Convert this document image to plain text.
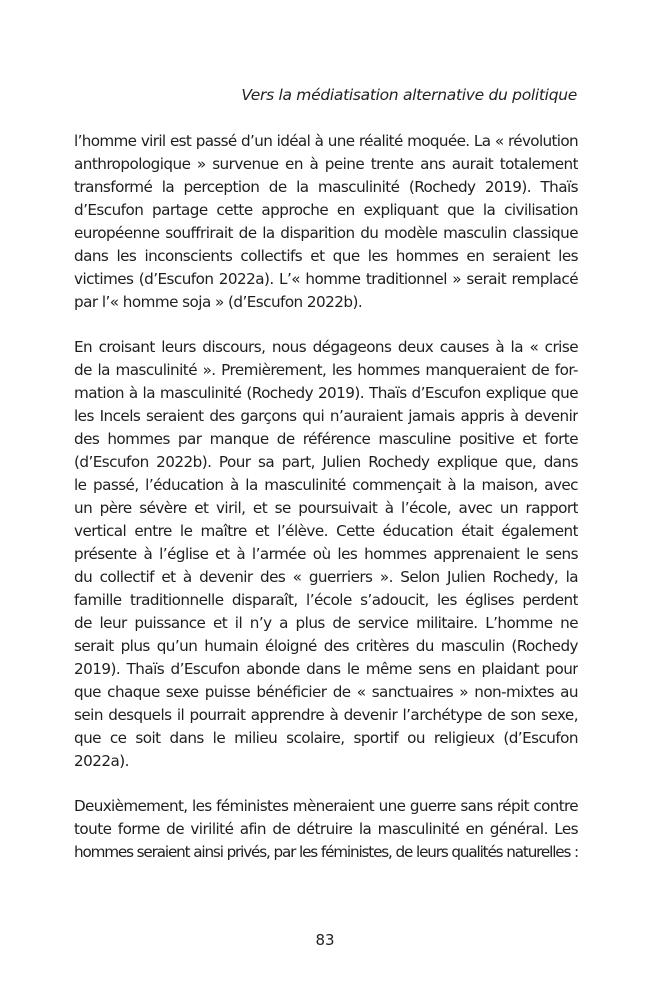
Vers la médiatisation alternative du politique
l’homme viril est passé d’un idéal à une réalité moquée. La « révolution
anthropologique » survenue en à peine trente ans aurait totalement
transformé la perception de la masculinité (Rochedy 2019). Thaïs
d’Escufon partage cette approche en expliquant que la civilisation
européenne souffrirait de la disparition du modèle masculin classique
dans les inconscients collectifs et que les hommes en seraient les
victimes (d’Escufon 2022a). L’« homme traditionnel » serait remplacé
par l’« homme soja » (d’Escufon 2022b).
En croisant leurs discours, nous dégageons deux causes à la « crise
de la masculinité ». Premièrement, les hommes manqueraient de for-
mation à la masculinité (Rochedy 2019). Thaïs d’Escufon explique que
les Incels seraient des garçons qui n’auraient jamais appris à devenir
des hommes par manque de référence masculine positive et forte
(d’Escufon 2022b). Pour sa part, Julien Rochedy explique que, dans
le passé, l’éducation à la masculinité commençait à la maison, avec
un père sévère et viril, et se poursuivait à l’école, avec un rapport
vertical entre le maître et l’élève. Cette éducation était également
présente à l’église et à l’armée où les hommes apprenaient le sens
du collectif et à devenir des « guerriers ». Selon Julien Rochedy, la
famille traditionnelle disparaît, l’école s’adoucit, les églises perdent
de leur puissance et il n’y a plus de service militaire. L’homme ne
serait plus qu’un humain éloigné des critères du masculin (Rochedy
2019). Thaïs d’Escufon abonde dans le même sens en plaidant pour
que chaque sexe puisse bénéficier de « sanctuaires » non-mixtes au
sein desquels il pourrait apprendre à devenir l’archétype de son sexe,
que ce soit dans le milieu scolaire, sportif ou religieux (d’Escufon
2022a).
Deuxièmement, les féministes mèneraient une guerre sans répit contre
toute forme de virilité afin de détruire la masculinité en général. Les
hommes seraient ainsi privés, par les féministes, de leurs qualités naturelles :
83
